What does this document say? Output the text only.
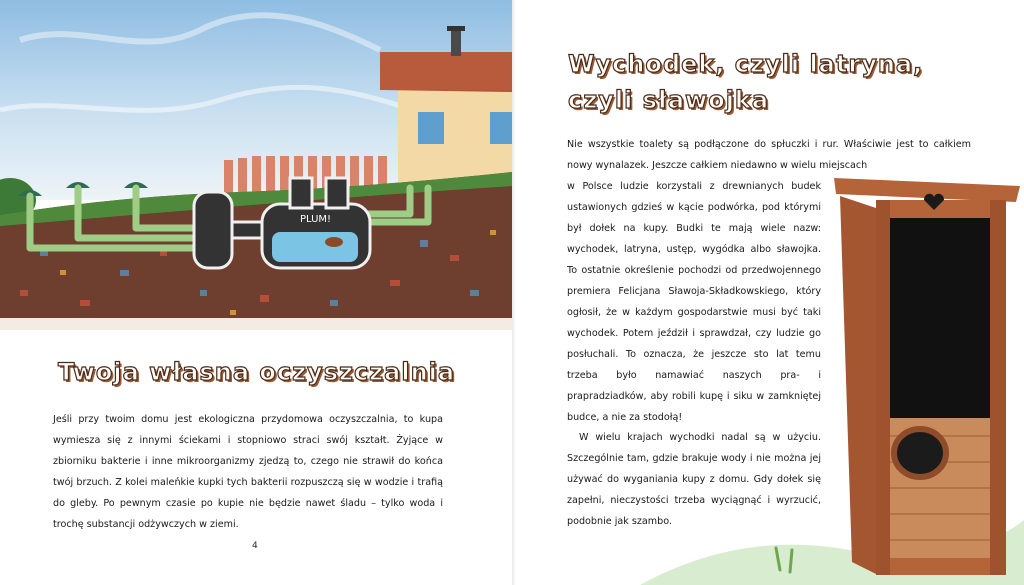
PLUM!
Twoja własna oczyszczalnia

Jeśli przy twoim domu jest ekologiczna przydomowa oczyszczalnia, to kupa wymiesza się z innymi ściekami i stopniowo straci swój kształt. Żyjące w zbiorniku bakterie i inne mikroorganizmy zjedzą to, czego nie strawił do końca twój brzuch. Z kolei maleńkie kupki tych bakterii rozpuszczą się w wodzie i trafią do gleby. Po pewnym czasie po kupie nie będzie nawet śladu – tylko woda i trochę substancji odżywczych w ziemi.

4
Wychodek, czyli latryna, czyli sławojka

Nie wszystkie toalety są podłączone do spłuczki i rur. Właściwie jest to całkiem nowy wynalazek. Jeszcze całkiem niedawno w wielu miejscach

w Polsce ludzie korzystali z drewnianych budek ustawionych gdzieś w kącie podwórka, pod którymi był dołek na kupy. Budki te mają wiele nazw: wychodek, latryna, ustęp, wygódka albo sławojka. To ostatnie określenie pochodzi od przedwojennego premiera Felicjana Sławoja-Składkowskiego, który ogłosił, że w każdym gospodarstwie musi być taki wychodek. Potem jeździł i sprawdzał, czy ludzie go posłuchali. To oznacza, że jeszcze sto lat temu trzeba było namawiać naszych pra- i prapradziadków, aby robili kupę i siku w zamkniętej budce, a nie za stodołą!

W wielu krajach wychodki nadal są w użyciu. Szczególnie tam, gdzie brakuje wody i nie można jej używać do wyganiania kupy z domu. Gdy dołek się zapełni, nieczystości trzeba wyciągnąć i wyrzucić, podobnie jak szambo.
